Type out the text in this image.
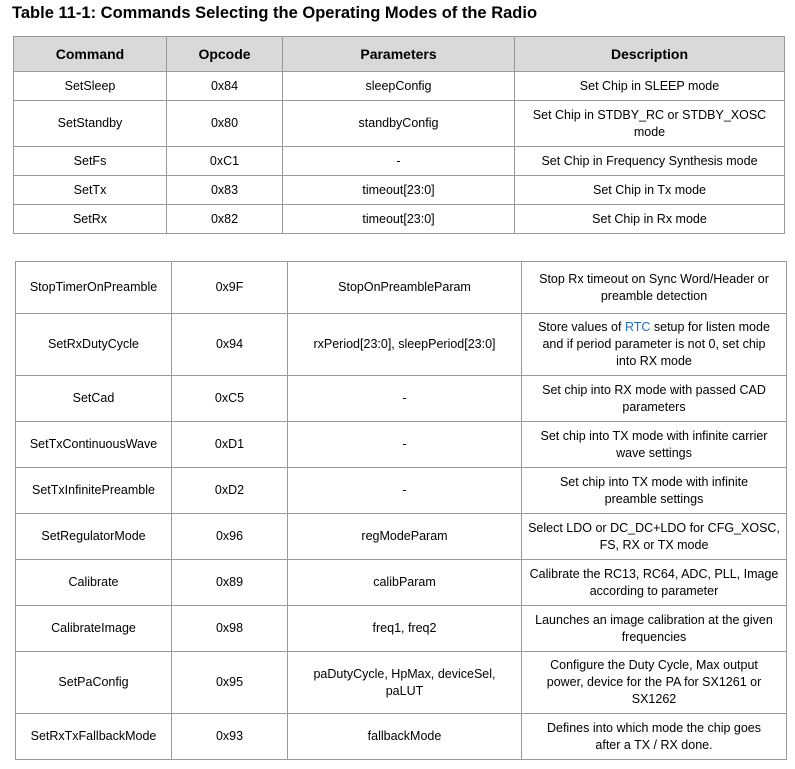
Table 11-1: Commands Selecting the Operating Modes of the Radio
Command	Opcode	Parameters	Description
SetSleep	0x84	sleepConfig	Set Chip in SLEEP mode
SetStandby	0x80	standbyConfig	Set Chip in STDBY_RC or STDBY_XOSC mode
SetFs	0xC1	-	Set Chip in Frequency Synthesis mode
SetTx	0x83	timeout[23:0]	Set Chip in Tx mode
SetRx	0x82	timeout[23:0]	Set Chip in Rx mode
StopTimerOnPreamble	0x9F	StopOnPreambleParam	Stop Rx timeout on Sync Word/Header or preamble detection
SetRxDutyCycle	0x94	rxPeriod[23:0], sleepPeriod[23:0]	Store values of RTC setup for listen mode and if period parameter is not 0, set chip into RX mode
SetCad	0xC5	-	Set chip into RX mode with passed CAD parameters
SetTxContinuousWave	0xD1	-	Set chip into TX mode with infinite carrier wave settings
SetTxInfinitePreamble	0xD2	-	Set chip into TX mode with infinite preamble settings
SetRegulatorMode	0x96	regModeParam	Select LDO or DC_DC+LDO for CFG_XOSC, FS, RX or TX mode
Calibrate	0x89	calibParam	Calibrate the RC13, RC64, ADC, PLL, Image according to parameter
CalibrateImage	0x98	freq1, freq2	Launches an image calibration at the given frequencies
SetPaConfig	0x95	paDutyCycle, HpMax, deviceSel, paLUT	Configure the Duty Cycle, Max output power, device for the PA for SX1261 or SX1262
SetRxTxFallbackMode	0x93	fallbackMode	Defines into which mode the chip goes after a TX / RX done.
